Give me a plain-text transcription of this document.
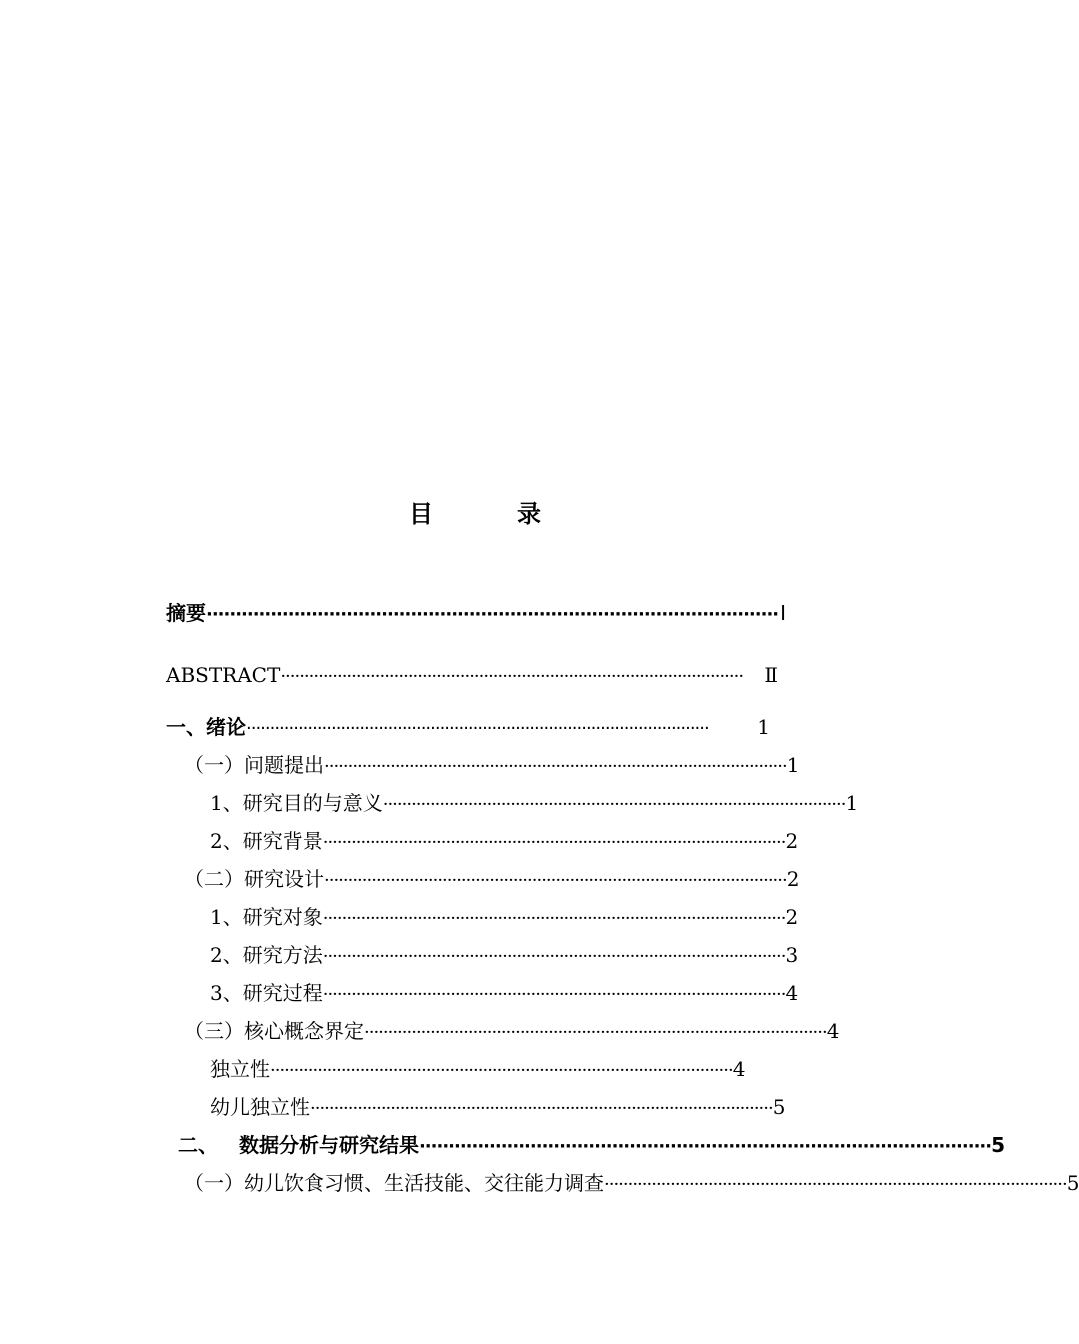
目　录
摘要 ·································································································· Ⅰ
ABSTRACT ··································································································	Ⅱ
一、绪论 ··································································································	1
（一）问题提出 ·································································································· 1
1、研究目的与意义 ·································································································· 1
2、研究背景 ·································································································· 2
（二）研究设计 ·································································································· 2
1、研究对象 ·································································································· 2
2、研究方法 ·································································································· 3
3、研究过程 ·································································································· 4
（三）核心概念界定 ·································································································· 4
独立性 ·································································································· 4
幼儿独立性 ·································································································· 5
二、 数据分析与研究结果 ·································································································· 5
（一）幼儿饮食习惯、生活技能、交往能力调查 ·································································································· 5
